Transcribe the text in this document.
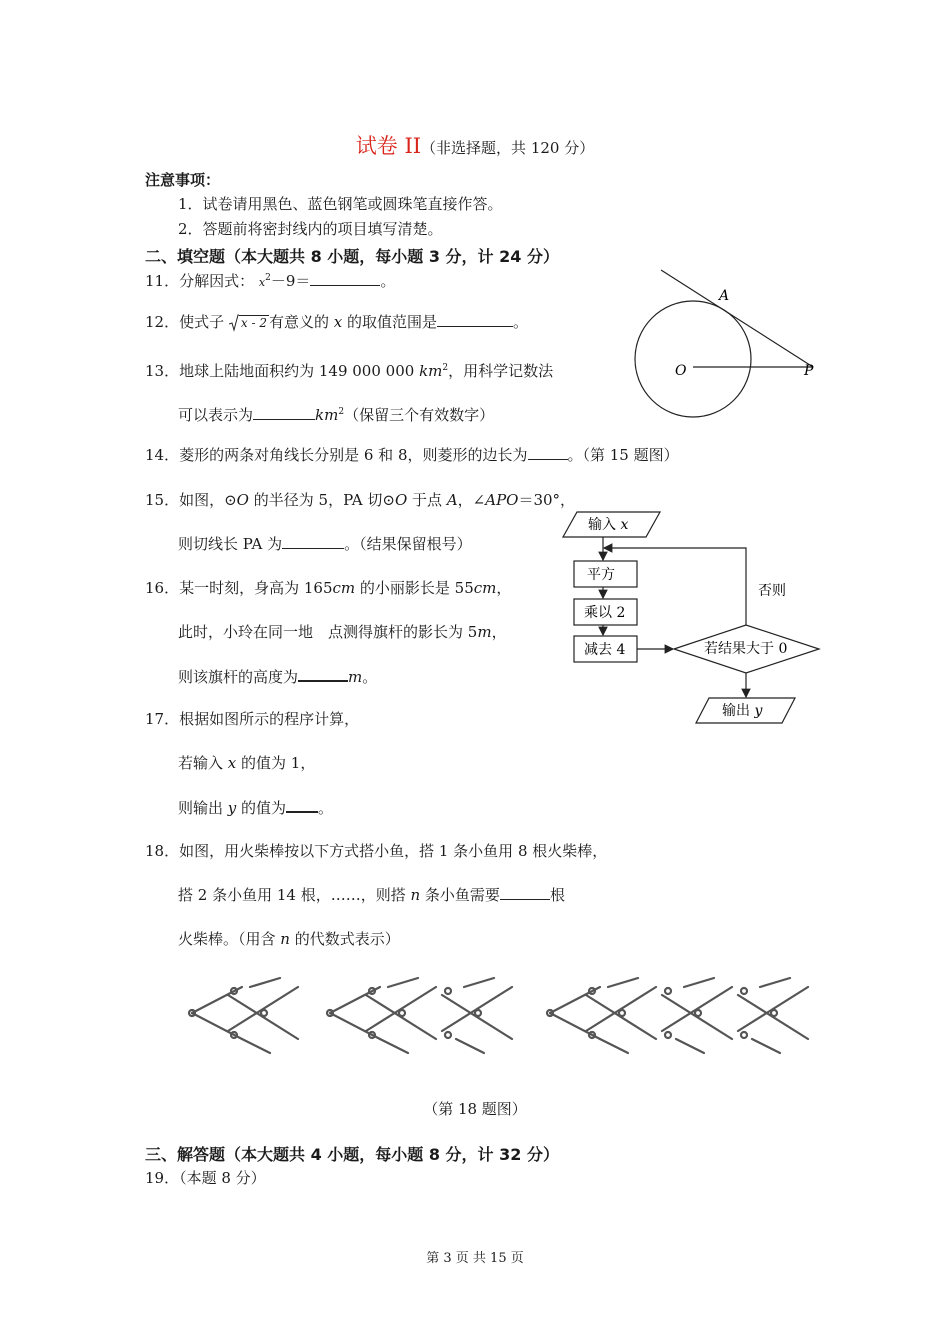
试卷 II（非选择题，共 120 分）
注意事项：
1．试卷请用黑色、蓝色钢笔或圆珠笔直接作答。
2．答题前将密封线内的项目填写清楚。
二、填空题（本大题共 8 小题，每小题 3 分，计 24 分）
11．分解因式： $x^2-9=$	。
12．使式子 x - 2 有意义的 x 的取值范围是	。
13．地球上陆地面积约为 149 000 000 $km^2$，用科学记数法
可以表示为	$km^2$（保留三个有效数字）
14．菱形的两条对角线长分别是 6 和 8，则菱形的边长为	。（第 15 题图）
15．如图，⊙O 的半径为 5，PA 切⊙O 于点 A，∠APO＝30°，
则切线长 PA 为	。（结果保留根号）
16．某一时刻，身高为 165cm 的小丽影长是 55cm，
此时，小玲在同一地　点测得旗杆的影长为 5m，
则该旗杆的高度为	m。
17．根据如图所示的程序计算，
若输入 x 的值为 1，
则输出 y 的值为 。
18．如图，用火柴棒按以下方式搭小鱼，搭 1 条小鱼用 8 根火柴棒，
搭 2 条小鱼用 14 根，……，则搭 n 条小鱼需要	根
火柴棒。（用含 n 的代数式表示）
（第 18 题图）
三、解答题（本大题共 4 小题，每小题 8 分，计 32 分）
19．（本题 8 分）
A
O	P
输入 x
平方
乘以 2
减去 4	若结果大于 0
否则
输出 y
第 3 页 共 15 页
